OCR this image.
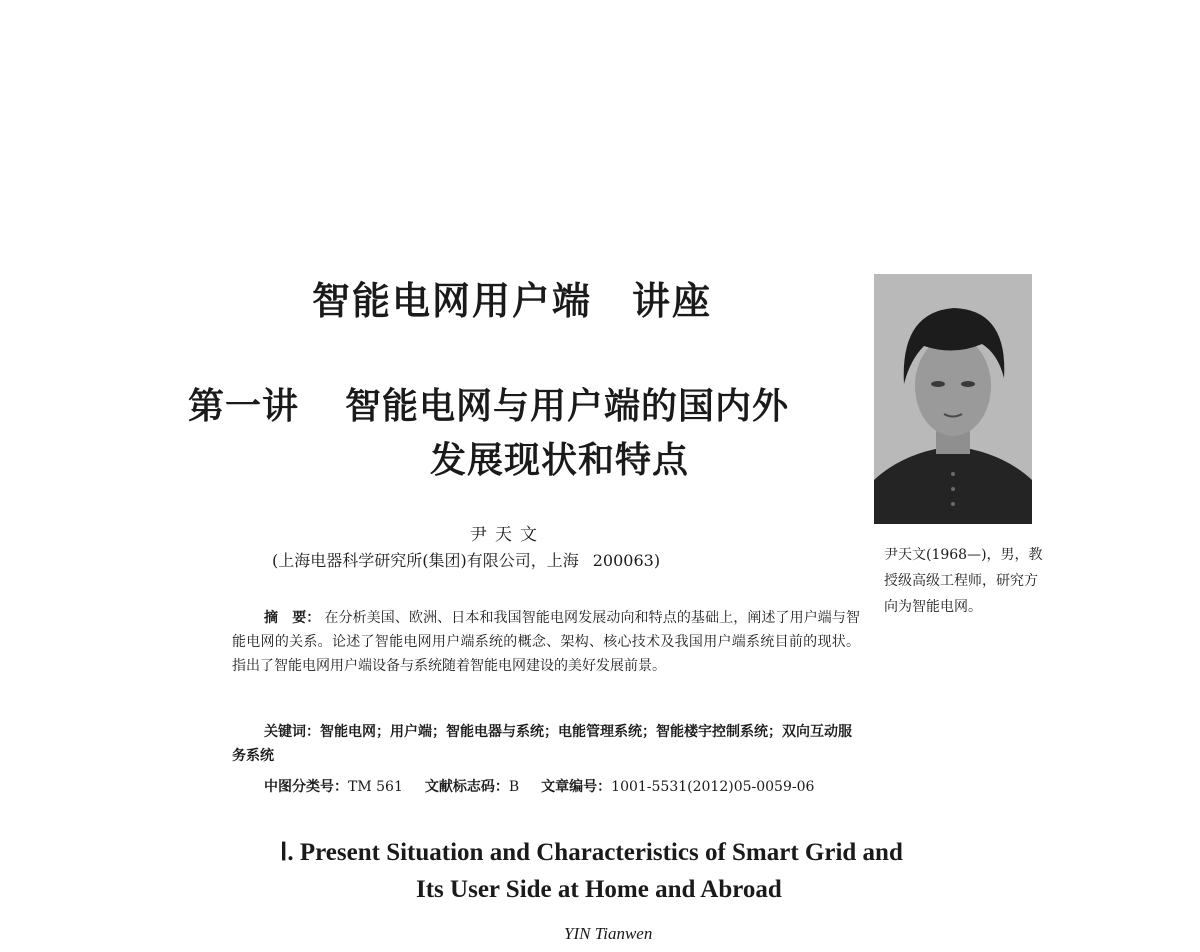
智能电网用户端 讲座
第一讲 智能电网与用户端的国内外
发展现状和特点
尹天文
(上海电器科学研究所(集团)有限公司，上海 200063)
摘　要： 在分析美国、欧洲、日本和我国智能电网发展动向和特点的基础上，阐述了用户端与智能电网的关系。论述了智能电网用户端系统的概念、架构、核心技术及我国用户端系统目前的现状。指出了智能电网用户端设备与系统随着智能电网建设的美好发展前景。
关键词：智能电网；用户端；智能电器与系统；电能管理系统；智能楼宇控制系统；双向互动服务系统
中图分类号：TM 561 文献标志码：B 文章编号：1001-5531(2012)05-0059-06
尹天文(1968—)，男，教授级高级工程师，研究方向为智能电网。
Ⅰ. Present Situation and Characteristics of Smart Grid and
Its User Side at Home and Abroad
YIN Tianwen
